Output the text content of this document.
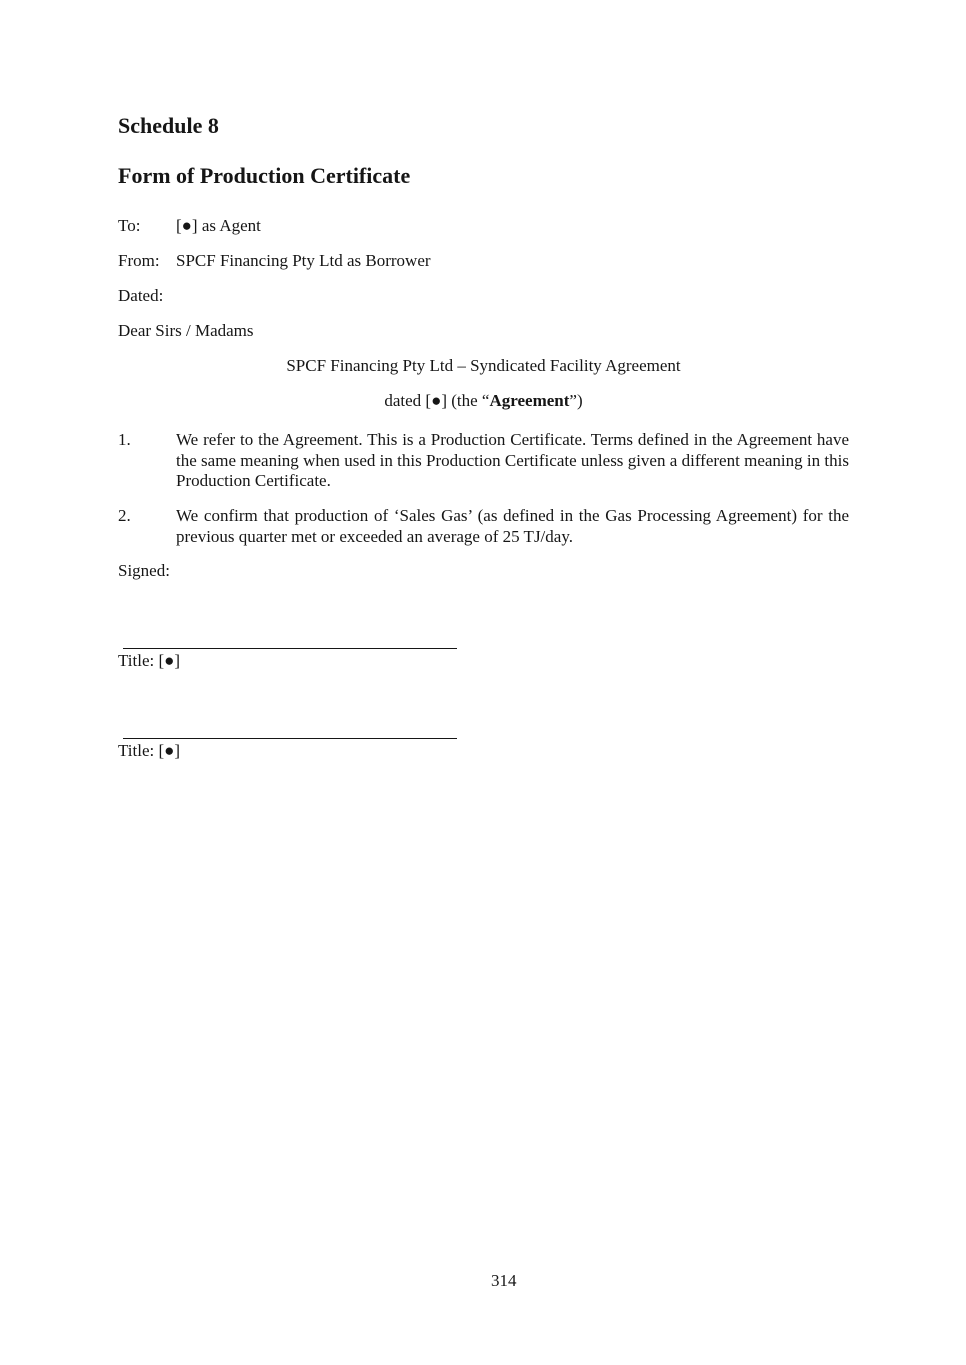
Schedule 8
Form of Production Certificate
To: [●] as Agent
From: SPCF Financing Pty Ltd as Borrower
Dated:
Dear Sirs / Madams
SPCF Financing Pty Ltd – Syndicated Facility Agreement
dated [●] (the “Agreement”)
1.	We refer to the Agreement. This is a Production Certificate. Terms defined in the Agreement have the same meaning when used in this Production Certificate unless given a different meaning in this Production Certificate.
2.	We confirm that production of ‘Sales Gas’ (as defined in the Gas Processing Agreement) for the previous quarter met or exceeded an average of 25 TJ/day.
Signed:
Title: [●]
Title: [●]
314
